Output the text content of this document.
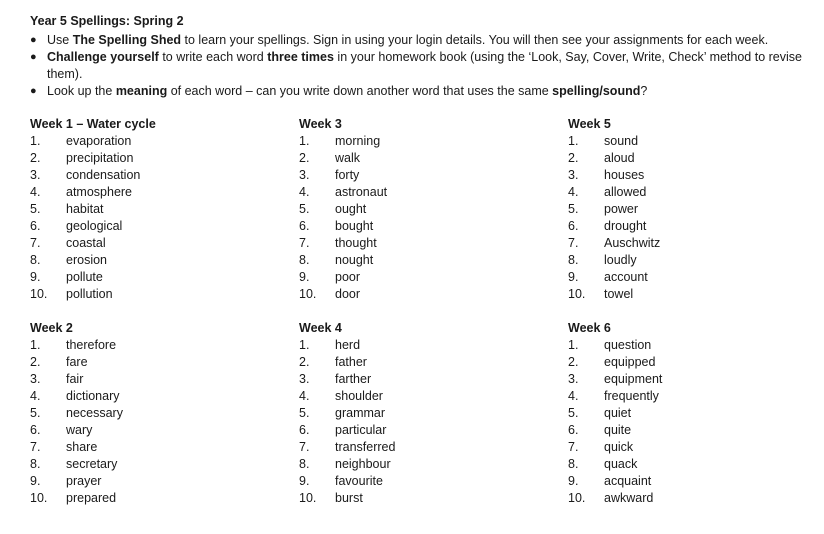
Year 5 Spellings: Spring 2
● Use The Spelling Shed to learn your spellings. Sign in using your login details. You will then see your assignments for each week.
● Challenge yourself to write each word three times in your homework book (using the ‘Look, Say, Cover, Write, Check’ method to revise them).
● Look up the meaning of each word – can you write down another word that uses the same spelling/sound?
Week 1 – Water cycle
1.	evaporation
2.	precipitation
3.	condensation
4.	atmosphere
5.	habitat
6.	geological
7.	coastal
8.	erosion
9.	pollute
10.	pollution
Week 3
1.	morning
2.	walk
3.	forty
4.	astronaut
5.	ought
6.	bought
7.	thought
8.	nought
9.	poor
10.	door
Week 5
1.	sound
2.	aloud
3.	houses
4.	allowed
5.	power
6.	drought
7.	Auschwitz
8.	loudly
9.	account
10.	towel
Week 2
1.	therefore
2.	fare
3.	fair
4.	dictionary
5.	necessary
6.	wary
7.	share
8.	secretary
9.	prayer
10.	prepared
Week 4
1.	herd
2.	father
3.	farther
4.	shoulder
5.	grammar
6.	particular
7.	transferred
8.	neighbour
9.	favourite
10.	burst
Week 6
1.	question
2.	equipped
3.	equipment
4.	frequently
5.	quiet
6.	quite
7.	quick
8.	quack
9.	acquaint
10.	awkward
